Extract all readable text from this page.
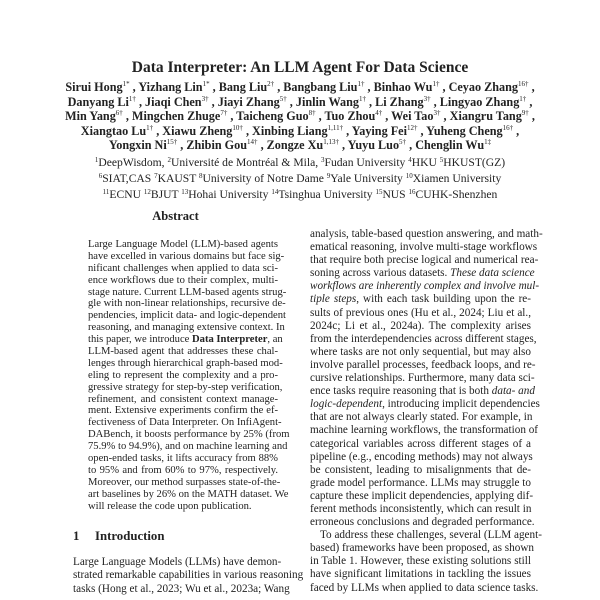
Data Interpreter: An LLM Agent For Data Science
Sirui Hong$^{1*}$ , Yizhang Lin$^{1*}$ , Bang Liu$^{2\dagger}$ , Bangbang Liu$^{1\dagger}$ , Binhao $Wu^{1\dagger}$ , Ceyao Zhang$^{16\dagger}$ ,
Danyang $Li^{1\dagger}$ , Jiaqi Chen$^{3\dagger}$ , Jiayi Zhang$^{5\dagger}$ , Jinlin Wang$^{1\dagger}$ , Li Zhang$^{3\dagger}$ , Lingyao Zhang$^{1\dagger}$ ,
Min Yang$^{6\dagger}$ , Mingchen Zhuge$^{7\dagger}$ , Taicheng Guo$^{8\dagger}$ , Tuo Zhou$^{4\dagger}$ , Wei Tao$^{3\dagger}$ , Xiangru Tang$^{9\dagger}$ ,
Xiangtao $Lu^{1\dagger}$ , Xiawu Zheng$^{10\dagger}$ , Xinbing Liang$^{1,11\dagger}$ , Yaying Fei$^{12\dagger}$ , Yuheng Cheng$^{16\dagger}$ ,
Yongxin $Ni^{15\dagger}$ , Zhibin Gou$^{14\dagger}$ , Zongze $Xu^{1,13\dagger}$ , Yuyu Luo$^{5\dagger}$ , Chenglin $Wu^{1\ddagger}$
$^1$DeepWisdom, $^2$Université de Montréal & Mila, $^3$Fudan University $^4$HKU $^5$HKUST(GZ)
$^6$SIAT,CAS $^7$KAUST $^8$University of Notre Dame $^9$Yale University $^{10}$Xiamen University
$^{11}$ECNU $^{12}$BJUT $^{13}$Hohai University $^{14}$Tsinghua University $^{15}$NUS $^{16}$CUHK-Shenzhen
Abstract
Large Language Model (LLM)-based agents
have excelled in various domains but face sig-
nificant challenges when applied to data sci-
ence workflows due to their complex, multi-
stage nature. Current LLM-based agents strug-
gle with non-linear relationships, recursive de-
pendencies, implicit data- and logic-dependent
reasoning, and managing extensive context. In
this paper, we introduce Data Interpreter, an
LLM-based agent that addresses these chal-
lenges through hierarchical graph-based mod-
eling to represent the complexity and a pro-
gressive strategy for step-by-step verification,
refinement, and consistent context manage-
ment. Extensive experiments confirm the ef-
fectiveness of Data Interpreter. On InfiAgent-
DABench, it boosts performance by 25% (from
75.9% to 94.9%), and on machine learning and
open-ended tasks, it lifts accuracy from 88%
to 95% and from 60% to 97%, respectively.
Moreover, our method surpasses state-of-the-
art baselines by 26% on the MATH dataset. We
will release the code upon publication.
1 Introduction
Large Language Models (LLMs) have demon-
strated remarkable capabilities in various reasoning
tasks (Hong et al., 2023; Wu et al., 2023a; Wang
analysis, table-based question answering, and math-
ematical reasoning, involve multi-stage workflows
that require both precise logical and numerical rea-
soning across various datasets. These data science
workflows are inherently complex and involve mul-
tiple steps, with each task building upon the re-
sults of previous ones (Hu et al., 2024; Liu et al.,
2024c; Li et al., 2024a). The complexity arises
from the interdependencies across different stages,
where tasks are not only sequential, but may also
involve parallel processes, feedback loops, and re-
cursive relationships. Furthermore, many data sci-
ence tasks require reasoning that is both data- and
logic-dependent, introducing implicit dependencies
that are not always clearly stated. For example, in
machine learning workflows, the transformation of
categorical variables across different stages of a
pipeline (e.g., encoding methods) may not always
be consistent, leading to misalignments that de-
grade model performance. LLMs may struggle to
capture these implicit dependencies, applying dif-
ferent methods inconsistently, which can result in
erroneous conclusions and degraded performance.
To address these challenges, several (LLM agent-
based) frameworks have been proposed, as shown
in Table 1. However, these existing solutions still
have significant limitations in tackling the issues
faced by LLMs when applied to data science tasks.
